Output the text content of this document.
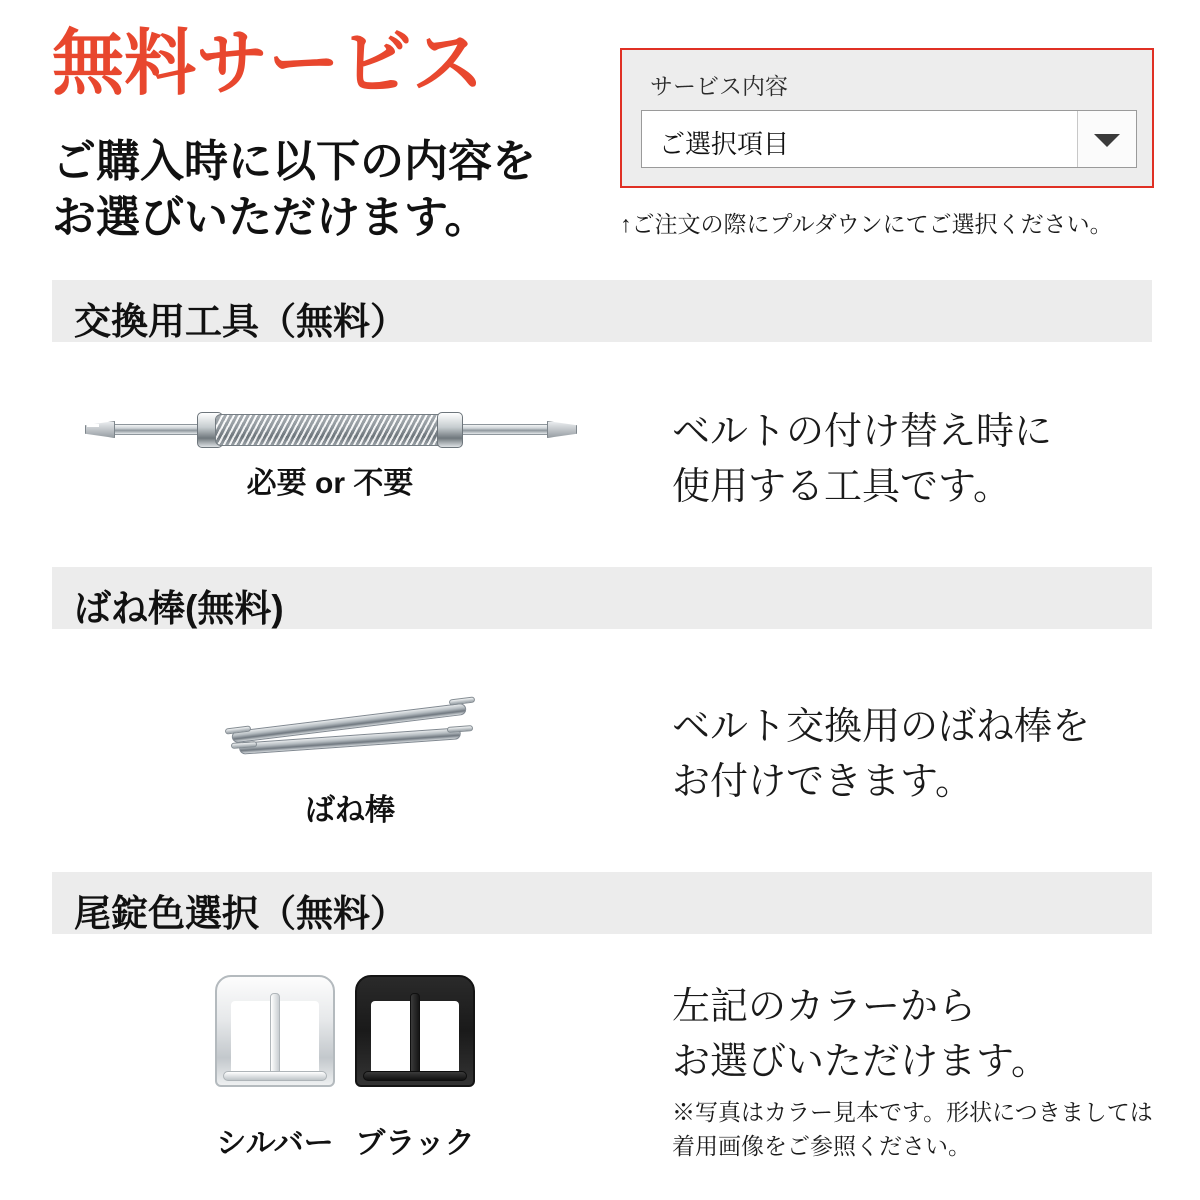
無料サービス
ご購入時に以下の内容を
お選びいただけます。
サービス内容
ご選択項目
↑ご注文の際にプルダウンにてご選択ください。
交換用工具（無料）
必要 or 不要
ベルトの付け替え時に
使用する工具です。
ばね棒(無料)
ばね棒
ベルト交換用のばね棒を
お付けできます。
尾錠色選択（無料）
シルバー ブラック
左記のカラーから
お選びいただけます。
※写真はカラー見本です。形状につきましては
着用画像をご参照ください。
